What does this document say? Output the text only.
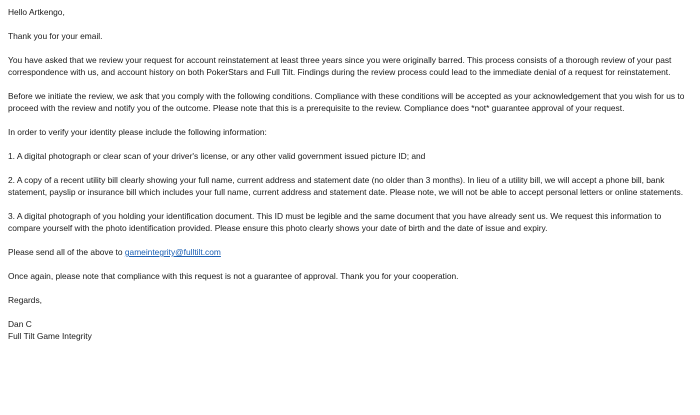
Hello Artkengo,

Thank you for your email.

You have asked that we review your request for account reinstatement at least three years since you were originally barred. This process consists of a thorough review of your past correspondence with us, and account history on both PokerStars and Full Tilt. Findings during the review process could lead to the immediate denial of a request for reinstatement.

Before we initiate the review, we ask that you comply with the following conditions. Compliance with these conditions will be accepted as your acknowledgement that you wish for us to proceed with the review and notify you of the outcome. Please note that this is a prerequisite to the review. Compliance does *not* guarantee approval of your request.

In order to verify your identity please include the following information:

1. A digital photograph or clear scan of your driver's license, or any other valid government issued picture ID; and

2. A copy of a recent utility bill clearly showing your full name, current address and statement date (no older than 3 months). In lieu of a utility bill, we will accept a phone bill, bank statement, payslip or insurance bill which includes your full name, current address and statement date. Please note, we will not be able to accept personal letters or online statements.

3. A digital photograph of you holding your identification document. This ID must be legible and the same document that you have already sent us. We request this information to compare yourself with the photo identification provided. Please ensure this photo clearly shows your date of birth and the date of issue and expiry.

Please send all of the above to gameintegrity@fulltilt.com

Once again, please note that compliance with this request is not a guarantee of approval. Thank you for your cooperation.

Regards,

Dan C

Full Tilt Game Integrity
